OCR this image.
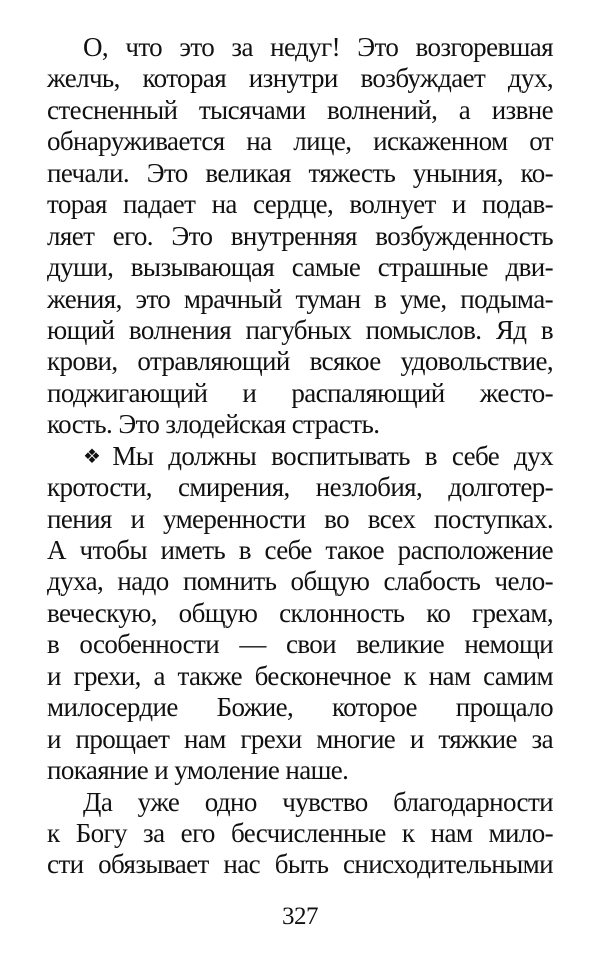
О, что это за недуг! Это возгоревшая
желчь, которая изнутри возбуждает дух,
стесненный тысячами волнений, а извне
обнаруживается на лице, искаженном от
печали. Это великая тяжесть уныния, ко-
торая падает на сердце, волнует и подав-
ляет его. Это внутренняя возбужденность
души, вызывающая самые страшные дви-
жения, это мрачный туман в уме, подыма-
ющий волнения пагубных помыслов. Яд в
крови, отравляющий всякое удовольствие,
поджигающий и распаляющий жесто-
кость. Это злодейская страсть.
❖ Мы должны воспитывать в себе дух
кротости, смирения, незлобия, долготер-
пения и умеренности во всех поступках.
А чтобы иметь в себе такое расположение
духа, надо помнить общую слабость чело-
веческую, общую склонность ко грехам,
в особенности — свои великие немощи
и грехи, а также бесконечное к нам самим
милосердие Божие, которое прощало
и прощает нам грехи многие и тяжкие за
покаяние и умоление наше.
Да уже одно чувство благодарности
к Богу за его бесчисленные к нам мило-
сти обязывает нас быть снисходительными
327
